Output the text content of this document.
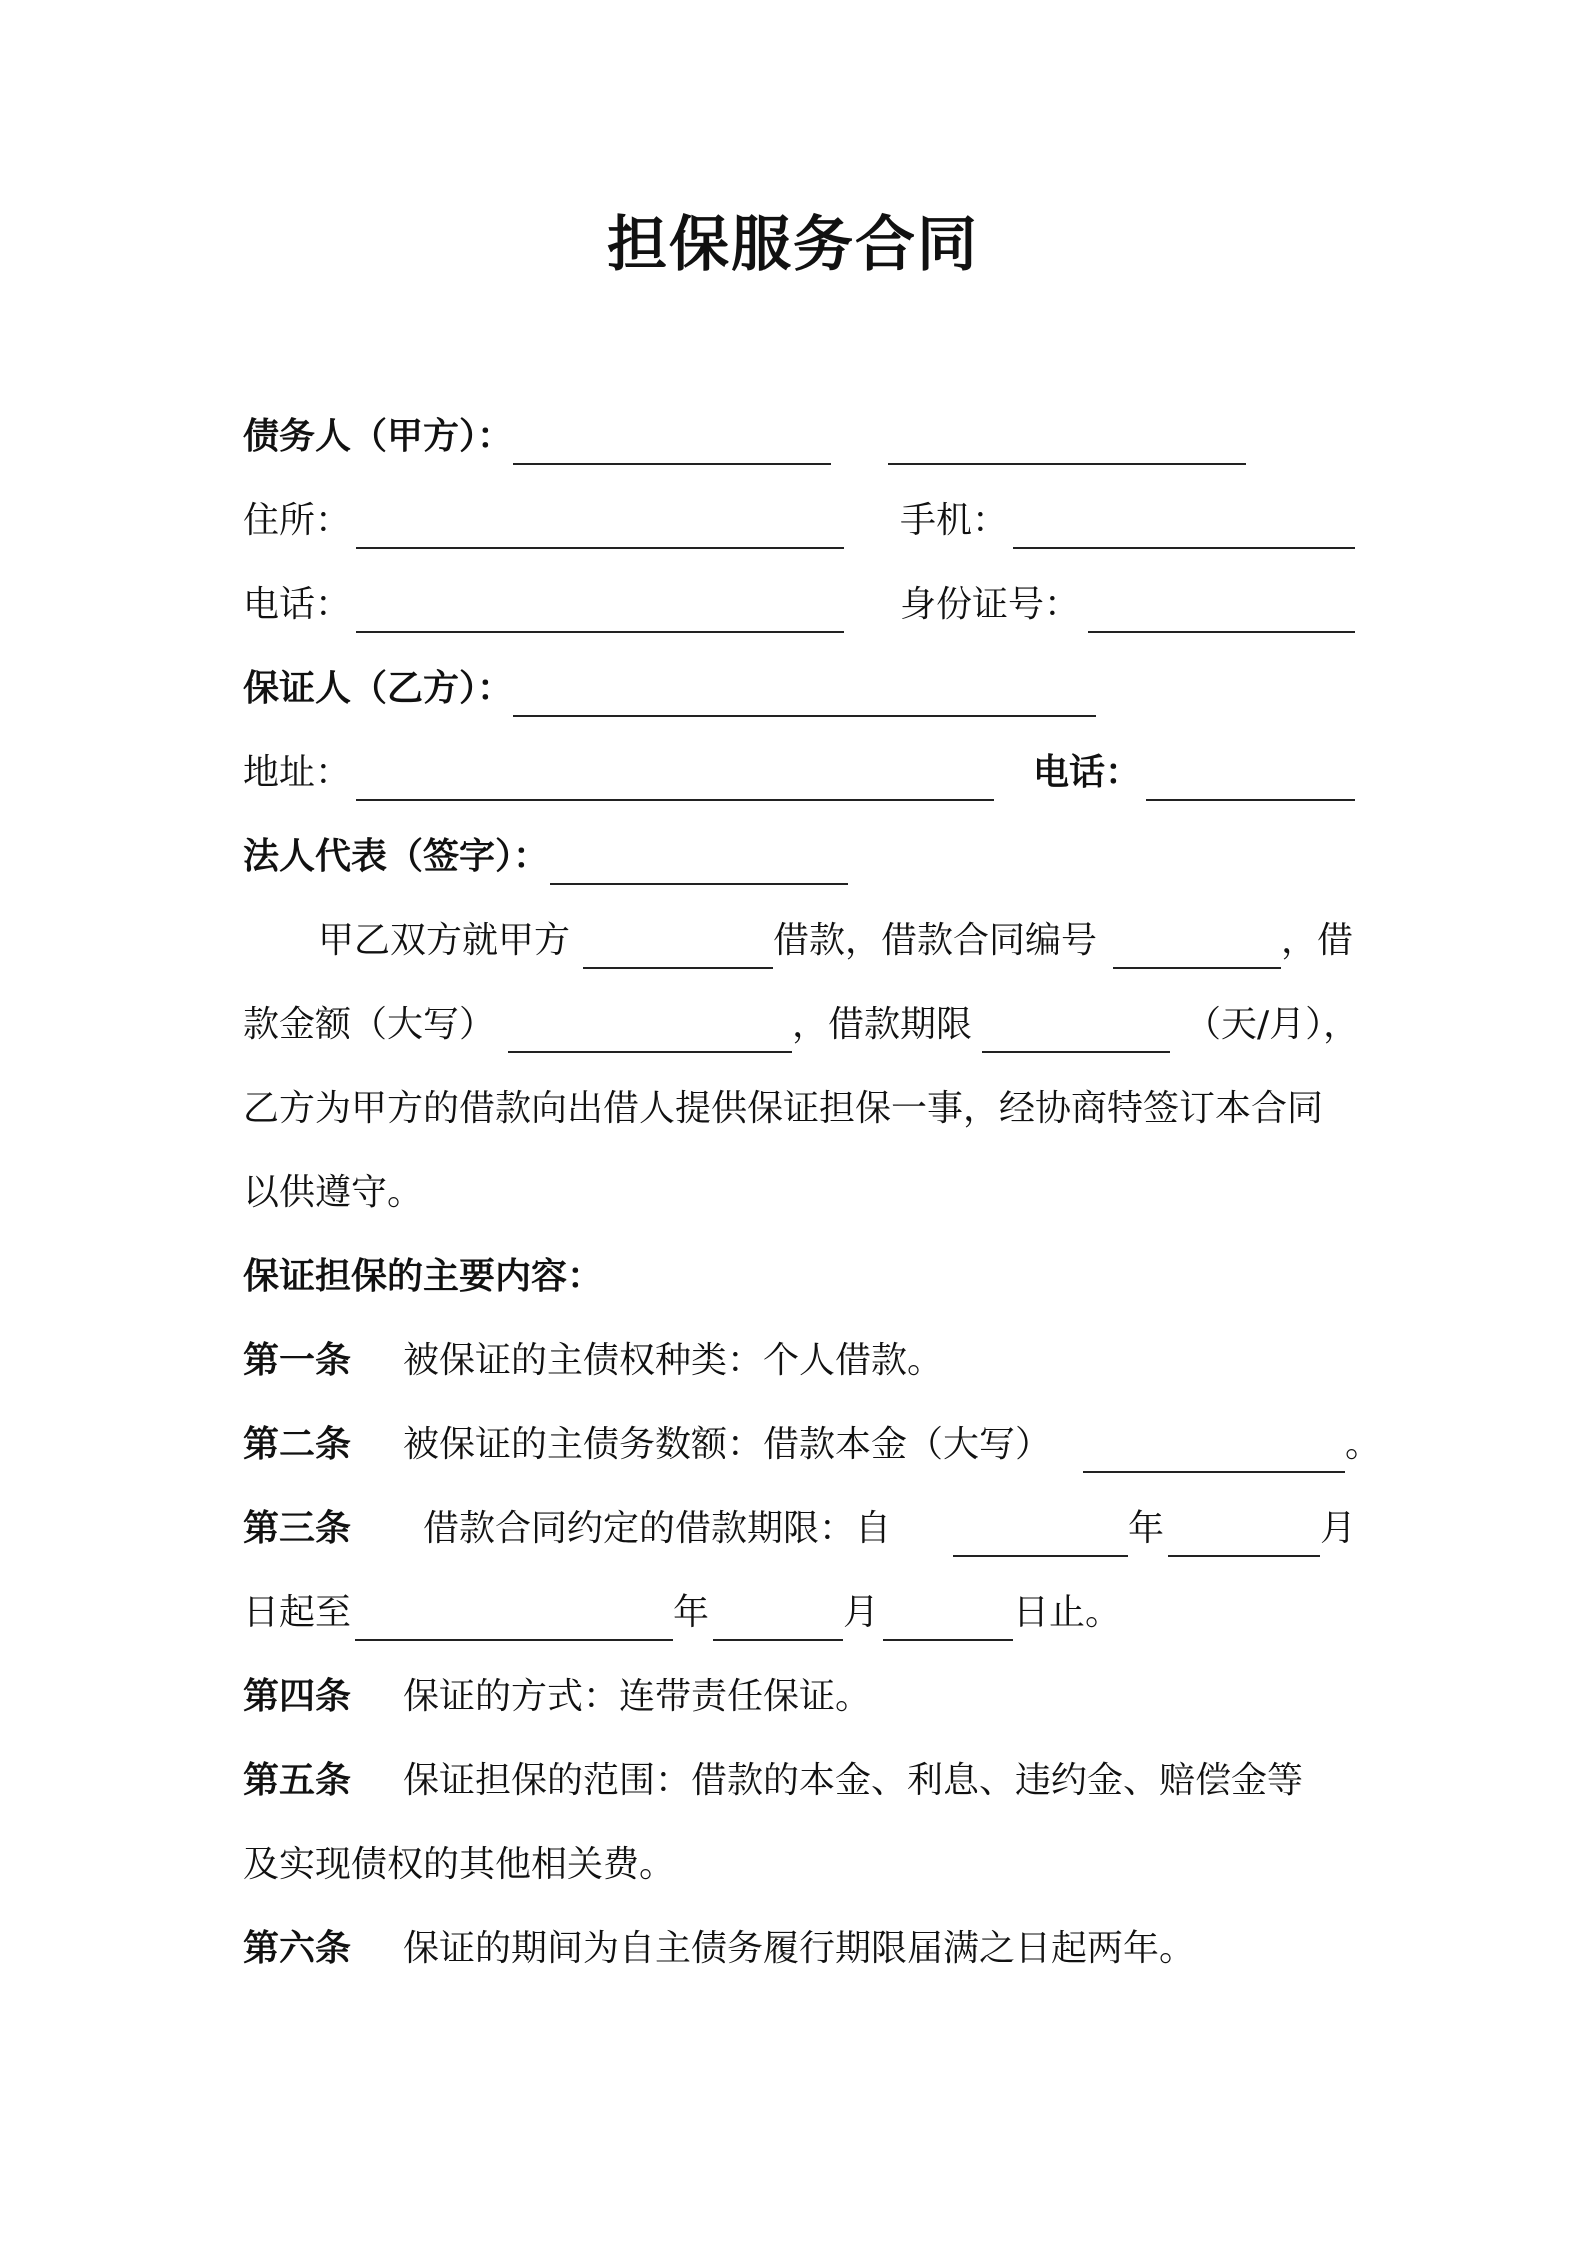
担保服务合同
债务人（甲方）：
住所：	手机：
电话：	身份证号：
保证人（乙方）：
地址：	电话：
法人代表（签字）：
甲乙双方就甲方	借款，借款合同编号	，借
款金额（大写）	，借款期限	（天/月），
乙方为甲方的借款向出借人提供保证担保一事，经协商特签订本合同
以供遵守。
保证担保的主要内容：
第一条 被保证的主债权种类：个人借款。
第二条 被保证的主债务数额：借款本金（大写）	。
第三条 借款合同约定的借款期限：自	年	月
日起至	年	月	日止。
第四条 保证的方式：连带责任保证。
第五条 保证担保的范围：借款的本金、利息、违约金、赔偿金等
及实现债权的其他相关费。
第六条 保证的期间为自主债务履行期限届满之日起两年。
